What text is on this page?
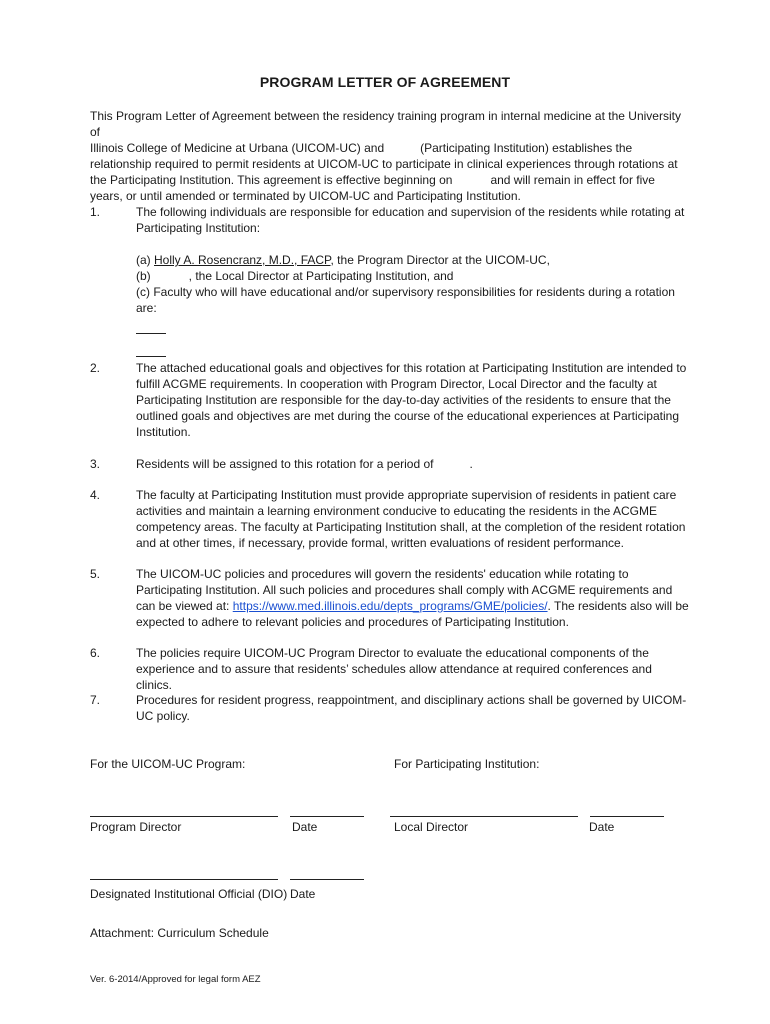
PROGRAM LETTER OF AGREEMENT
This Program Letter of Agreement between the residency training program in internal medicine at the University of
Illinois College of Medicine at Urbana (UICOM-UC) and	(Participating Institution) establishes the
relationship required to permit residents at UICOM-UC to participate in clinical experiences through rotations at
the Participating Institution. This agreement is effective beginning on	and will remain in effect for five
years, or until amended or terminated by UICOM-UC and Participating Institution.
1.	The following individuals are responsible for education and supervision of the residents while rotating at Participating Institution:
(a) Holly A. Rosencranz, M.D., FACP, the Program Director at the UICOM-UC,
(b)	, the Local Director at Participating Institution, and
(c) Faculty who will have educational and/or supervisory responsibilities for residents during a rotation are:
2.	The attached educational goals and objectives for this rotation at Participating Institution are intended to fulfill ACGME requirements. In cooperation with Program Director, Local Director and the faculty at Participating Institution are responsible for the day-to-day activities of the residents to ensure that the outlined goals and objectives are met during the course of the educational experiences at Participating Institution.
3.	Residents will be assigned to this rotation for a period of	.
4.	The faculty at Participating Institution must provide appropriate supervision of residents in patient care activities and maintain a learning environment conducive to educating the residents in the ACGME competency areas. The faculty at Participating Institution shall, at the completion of the resident rotation and at other times, if necessary, provide formal, written evaluations of resident performance.
5.	The UICOM-UC policies and procedures will govern the residents' education while rotating to Participating Institution. All such policies and procedures shall comply with ACGME requirements and can be viewed at: https://www.med.illinois.edu/depts_programs/GME/policies/. The residents also will be expected to adhere to relevant policies and procedures of Participating Institution.
6.	The policies require UICOM-UC Program Director to evaluate the educational components of the experience and to assure that residents’ schedules allow attendance at required conferences and clinics.
7.	Procedures for resident progress, reappointment, and disciplinary actions shall be governed by UICOM-UC policy.
For the UICOM-UC Program:	For Participating Institution:
Program Director	Date	Local Director	Date
Designated Institutional Official (DIO) Date
Attachment: Curriculum Schedule
Ver. 6-2014/Approved for legal form AEZ
